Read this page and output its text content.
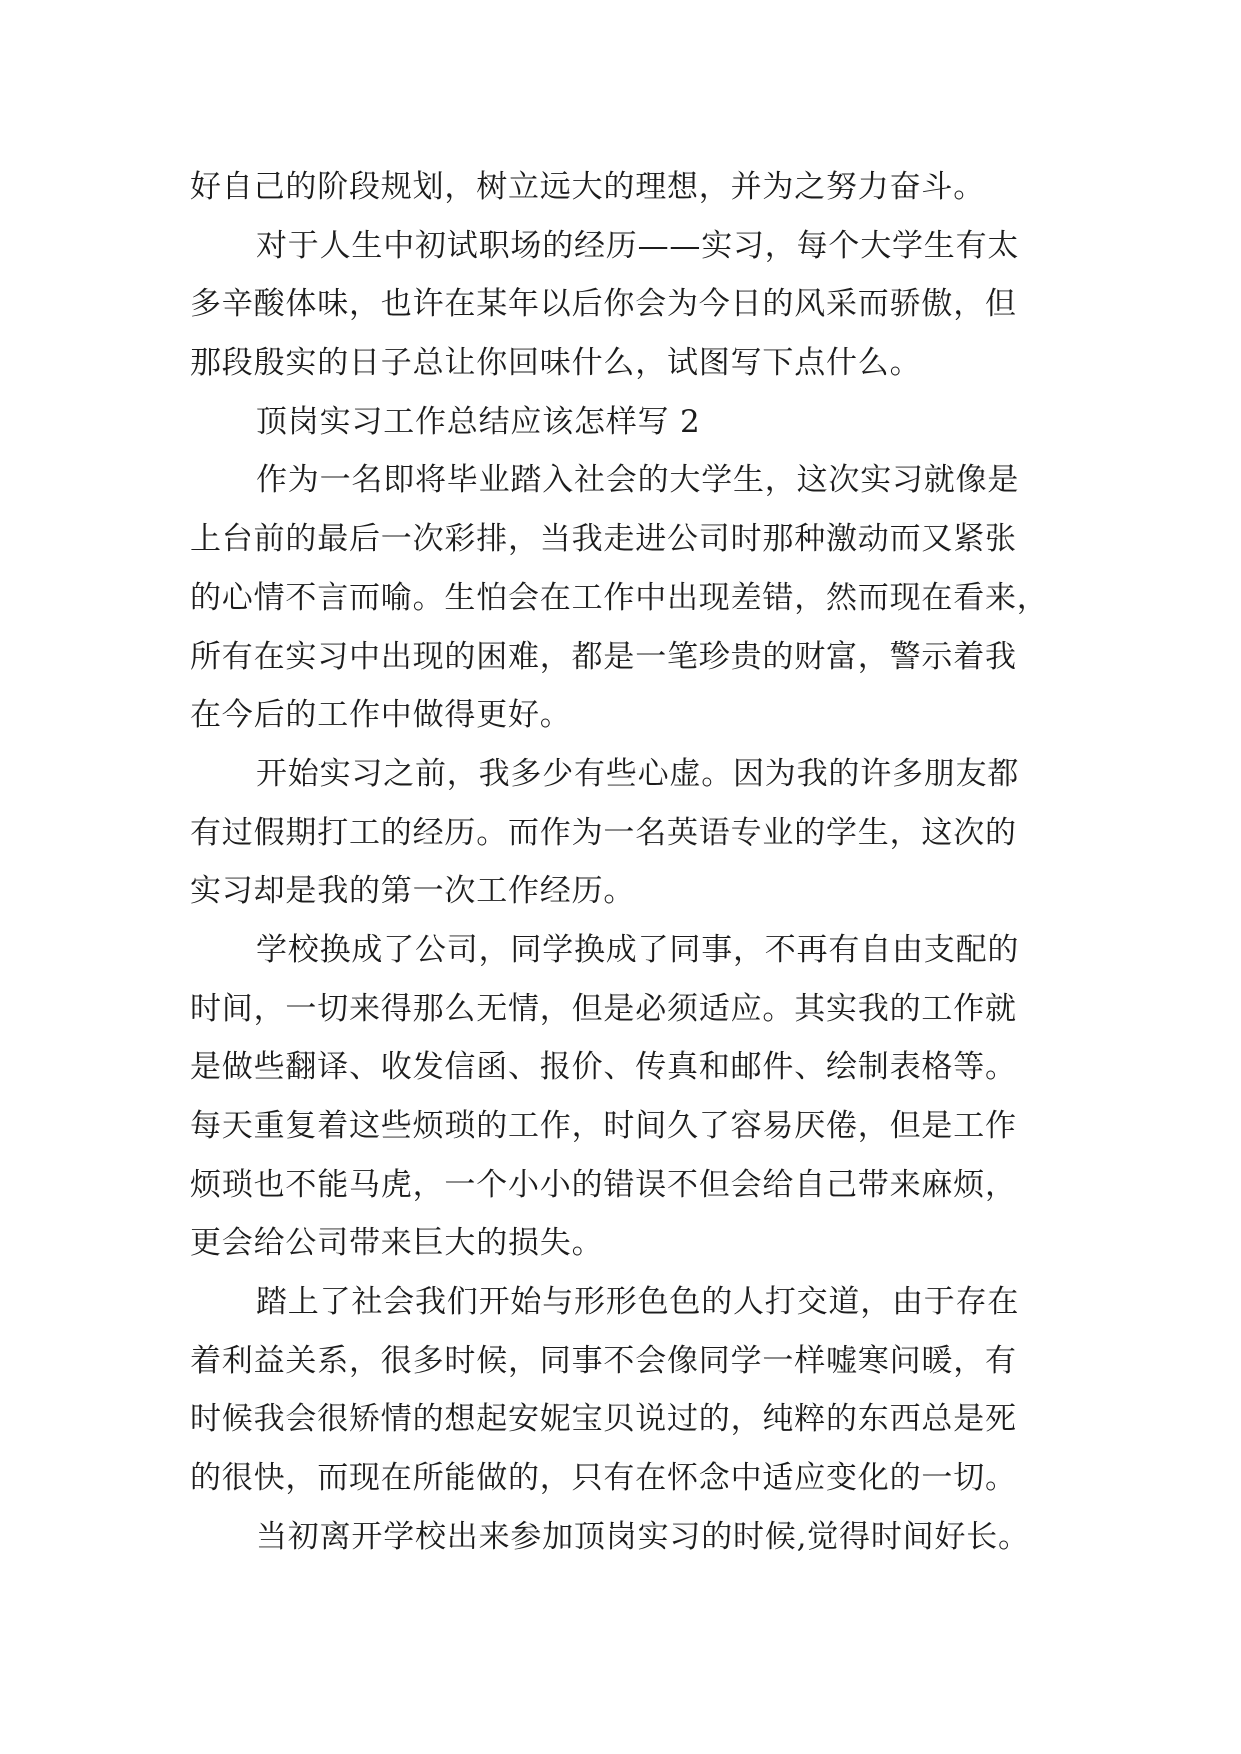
好自己的阶段规划，树立远大的理想，并为之努力奋斗。
对于人生中初试职场的经历——实习，每个大学生有太
多辛酸体味，也许在某年以后你会为今日的风采而骄傲，但
那段殷实的日子总让你回味什么，试图写下点什么。
顶岗实习工作总结应该怎样写 2
作为一名即将毕业踏入社会的大学生，这次实习就像是
上台前的最后一次彩排，当我走进公司时那种激动而又紧张
的心情不言而喻。生怕会在工作中出现差错，然而现在看来，
所有在实习中出现的困难，都是一笔珍贵的财富，警示着我
在今后的工作中做得更好。
开始实习之前，我多少有些心虚。因为我的许多朋友都
有过假期打工的经历。而作为一名英语专业的学生，这次的
实习却是我的第一次工作经历。
学校换成了公司，同学换成了同事，不再有自由支配的
时间，一切来得那么无情，但是必须适应。其实我的工作就
是做些翻译、收发信函、报价、传真和邮件、绘制表格等。
每天重复着这些烦琐的工作，时间久了容易厌倦，但是工作
烦琐也不能马虎，一个小小的错误不但会给自己带来麻烦，
更会给公司带来巨大的损失。
踏上了社会我们开始与形形色色的人打交道，由于存在
着利益关系，很多时候，同事不会像同学一样嘘寒问暖，有
时候我会很矫情的想起安妮宝贝说过的，纯粹的东西总是死
的很快，而现在所能做的，只有在怀念中适应变化的一切。
当初离开学校出来参加顶岗实习的时候,觉得时间好长。
